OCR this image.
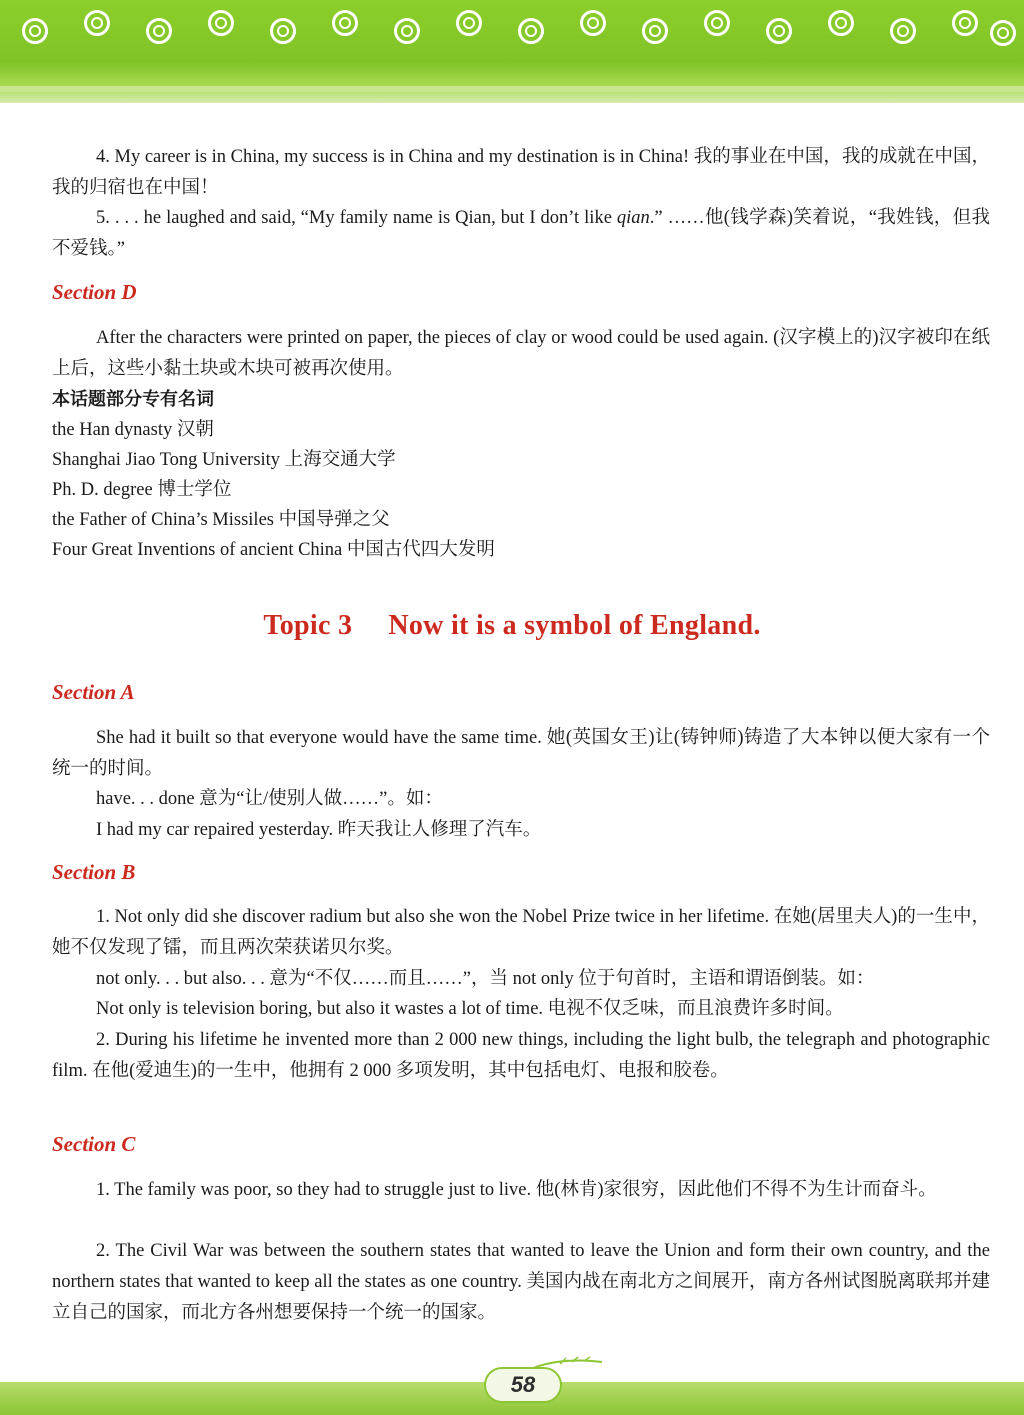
4. My career is in China, my success is in China and my destination is in China! 我的事业在中国，我的成就在中国，我的归宿也在中国！

5. . . . he laughed and said, “My family name is Qian, but I don’t like qian.” ……他(钱学森)笑着说，“我姓钱，但我不爱钱。”

Section D

After the characters were printed on paper, the pieces of clay or wood could be used again. (汉字模上的)汉字被印在纸上后，这些小黏土块或木块可被再次使用。

本话题部分专有名词
the Han dynasty 汉朝
Shanghai Jiao Tong University 上海交通大学
Ph. D. degree 博士学位
the Father of China’s Missiles 中国导弹之父
Four Great Inventions of ancient China 中国古代四大发明
Topic 3 Now it is a symbol of England.
Section A

She had it built so that everyone would have the same time. 她(英国女王)让(铸钟师)铸造了大本钟以便大家有一个统一的时间。

have. . . done 意为“让/使别人做……”。如：
I had my car repaired yesterday. 昨天我让人修理了汽车。
Section B

1. Not only did she discover radium but also she won the Nobel Prize twice in her lifetime. 在她(居里夫人)的一生中，她不仅发现了镭，而且两次荣获诺贝尔奖。

not only. . . but also. . . 意为“不仅……而且……”，当 not only 位于句首时，主语和谓语倒装。如：
Not only is television boring, but also it wastes a lot of time. 电视不仅乏味，而且浪费许多时间。

2. During his lifetime he invented more than 2 000 new things, including the light bulb, the telegraph and photographic film. 在他(爱迪生)的一生中，他拥有 2 000 多项发明，其中包括电灯、电报和胶卷。

Section C

1. The family was poor, so they had to struggle just to live. 他(林肯)家很穷，因此他们不得不为生计而奋斗。

2. The Civil War was between the southern states that wanted to leave the Union and form their own country, and the northern states that wanted to keep all the states as one country. 美国内战在南北方之间展开，南方各州试图脱离联邦并建立自己的国家，而北方各州想要保持一个统一的国家。

58
